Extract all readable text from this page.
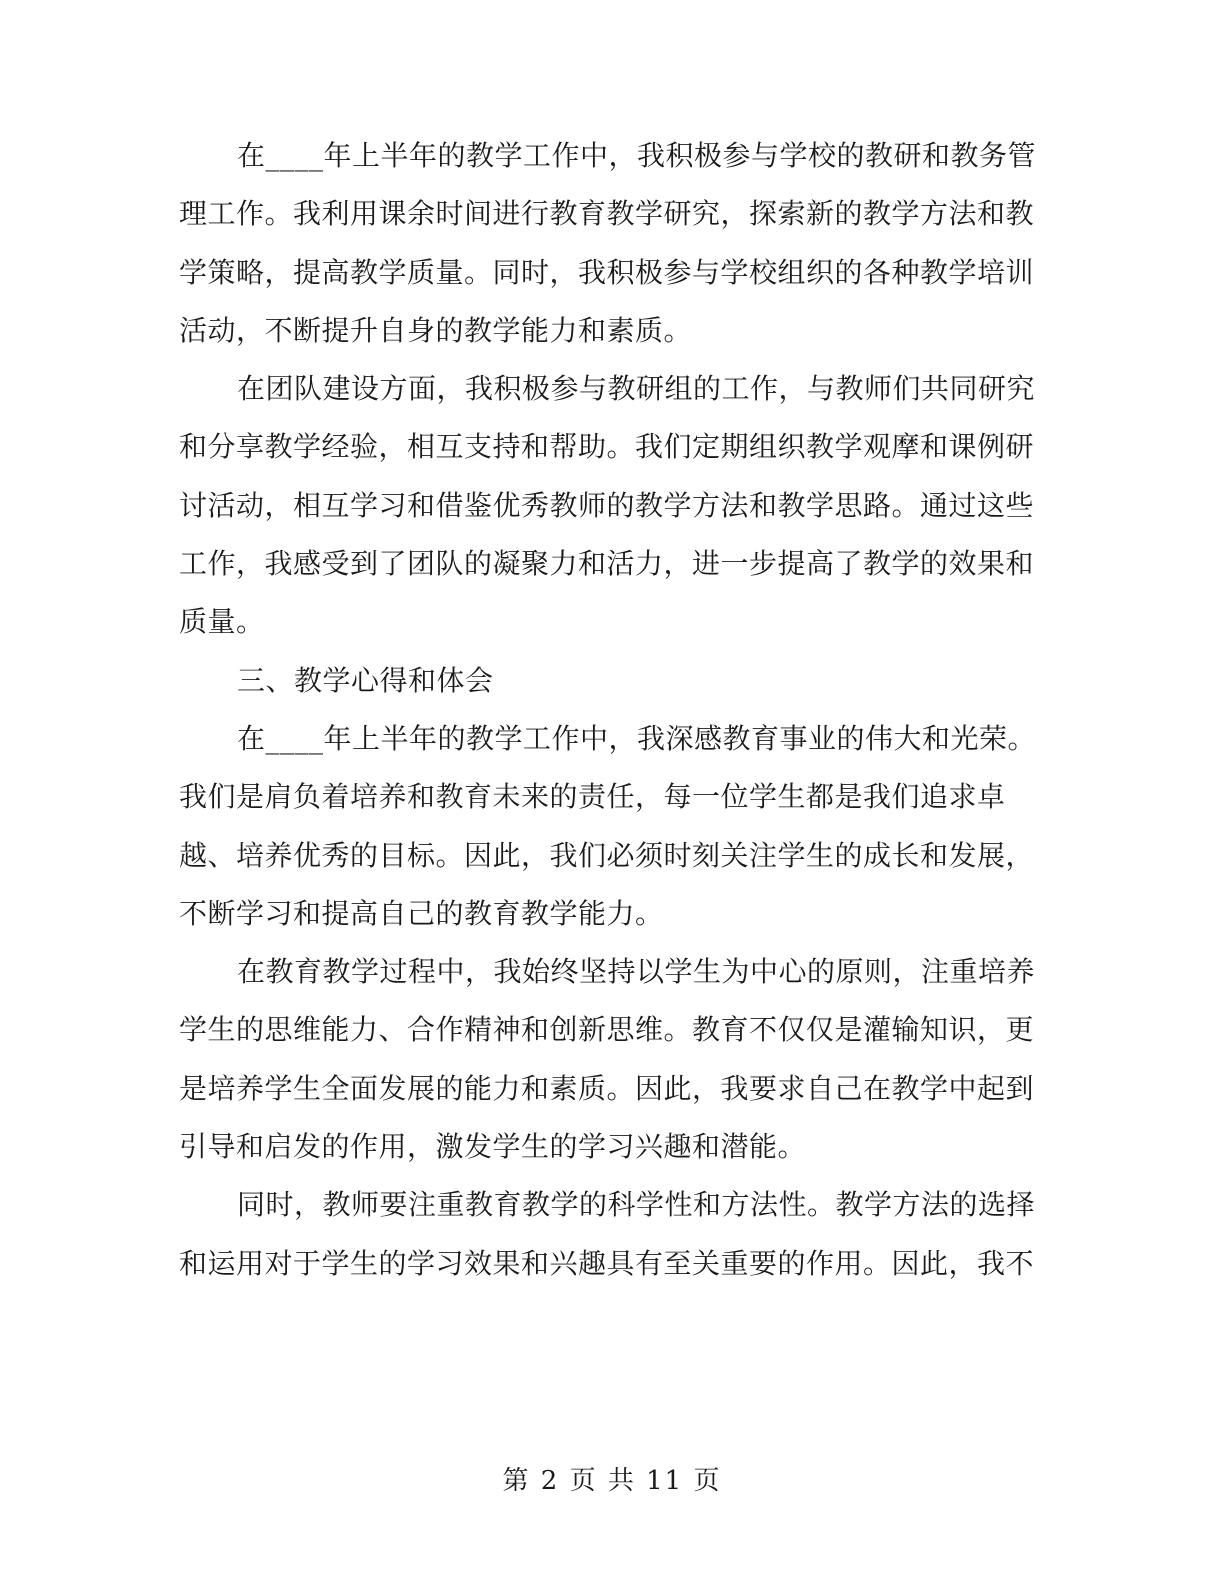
在____年上半年的教学工作中，我积极参与学校的教研和教务管
理工作。我利用课余时间进行教育教学研究，探索新的教学方法和教
学策略，提高教学质量。同时，我积极参与学校组织的各种教学培训
活动，不断提升自身的教学能力和素质。
在团队建设方面，我积极参与教研组的工作，与教师们共同研究
和分享教学经验，相互支持和帮助。我们定期组织教学观摩和课例研
讨活动，相互学习和借鉴优秀教师的教学方法和教学思路。通过这些
工作，我感受到了团队的凝聚力和活力，进一步提高了教学的效果和
质量。
三、教学心得和体会
在____年上半年的教学工作中，我深感教育事业的伟大和光荣。
我们是肩负着培养和教育未来的责任，每一位学生都是我们追求卓
越、培养优秀的目标。因此，我们必须时刻关注学生的成长和发展，
不断学习和提高自己的教育教学能力。
在教育教学过程中，我始终坚持以学生为中心的原则，注重培养
学生的思维能力、合作精神和创新思维。教育不仅仅是灌输知识，更
是培养学生全面发展的能力和素质。因此，我要求自己在教学中起到
引导和启发的作用，激发学生的学习兴趣和潜能。
同时，教师要注重教育教学的科学性和方法性。教学方法的选择
和运用对于学生的学习效果和兴趣具有至关重要的作用。因此，我不
第 2 页 共 11 页
